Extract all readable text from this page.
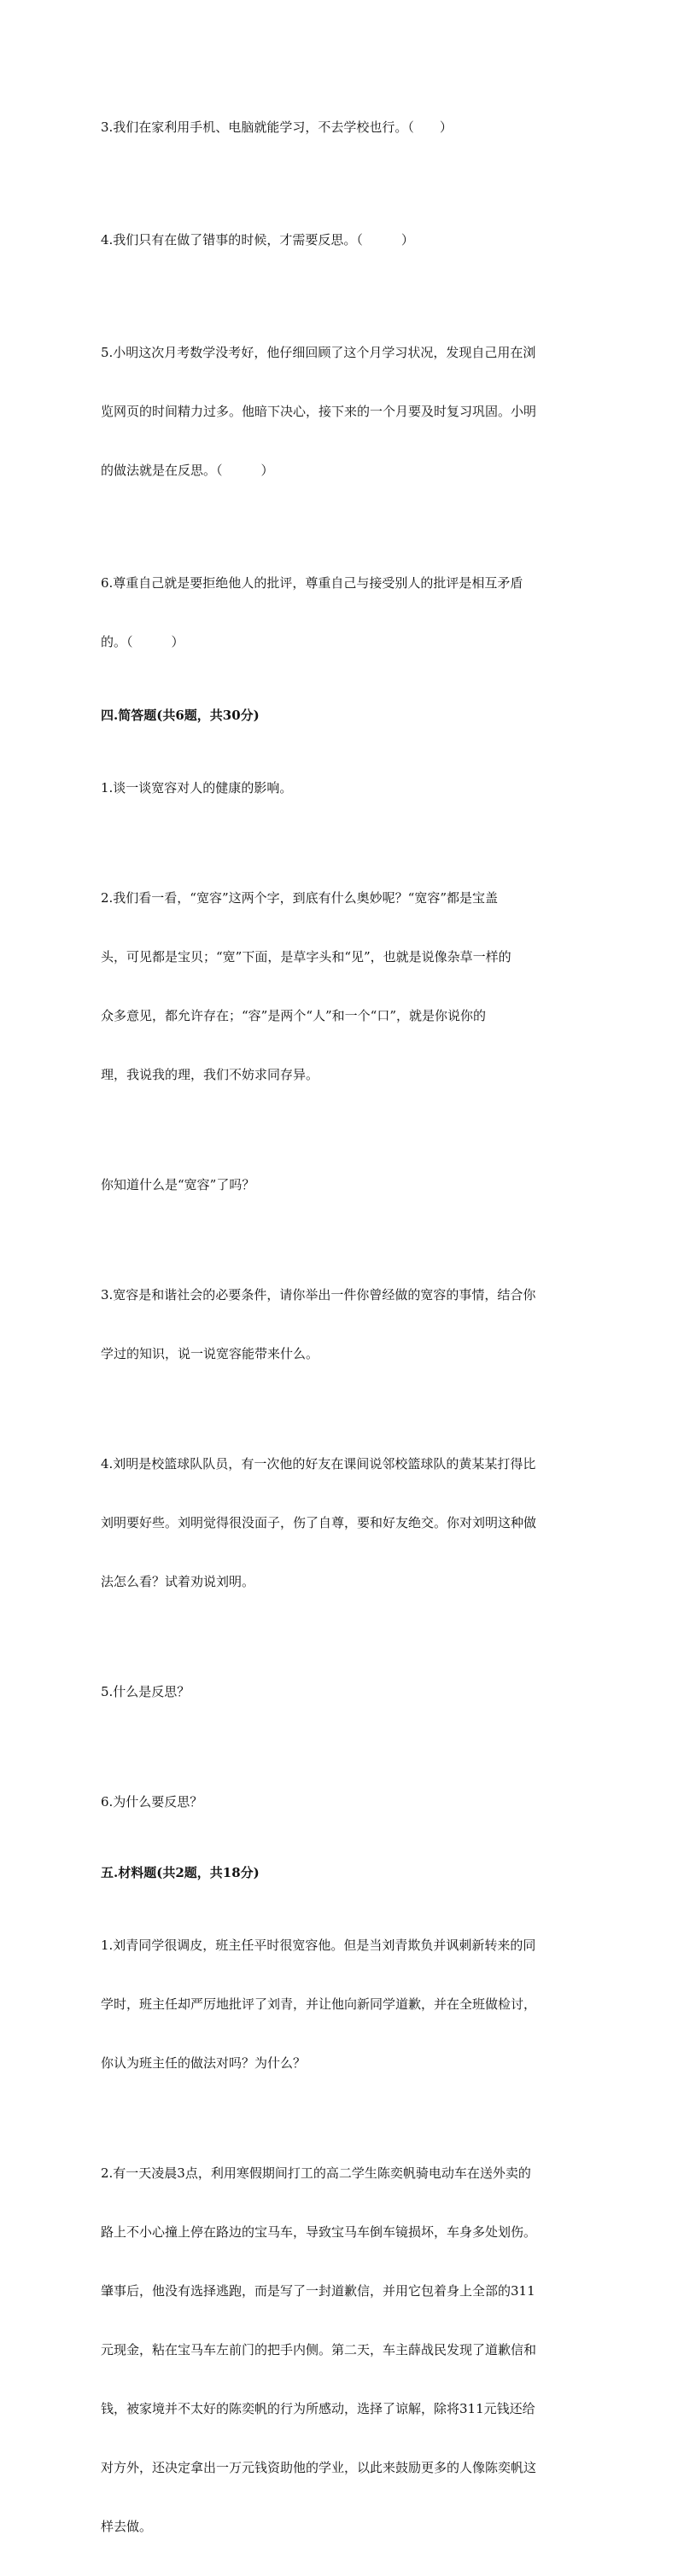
3.我们在家利用手机、电脑就能学习，不去学校也行。（　　）

4.我们只有在做了错事的时候，才需要反思。（　　　）

5.小明这次月考数学没考好，他仔细回顾了这个月学习状况，发现自己用在浏

览网页的时间精力过多。他暗下决心，接下来的一个月要及时复习巩固。小明

的做法就是在反思。（　　　）

6.尊重自己就是要拒绝他人的批评，尊重自己与接受别人的批评是相互矛盾

的。（　　　）

四.简答题(共6题，共30分)

1.谈一谈宽容对人的健康的影响。

2.我们看一看，“宽容”这两个字，到底有什么奥妙呢？“宽容”都是宝盖

头，可见都是宝贝；“宽”下面，是草字头和“见”，也就是说像杂草一样的

众多意见，都允许存在；“容”是两个“人”和一个“口”，就是你说你的

理，我说我的理，我们不妨求同存异。

你知道什么是“宽容”了吗？

3.宽容是和谐社会的必要条件，请你举出一件你曾经做的宽容的事情，结合你

学过的知识，说一说宽容能带来什么。

4.刘明是校篮球队队员，有一次他的好友在课间说邻校篮球队的黄某某打得比

刘明要好些。刘明觉得很没面子，伤了自尊，要和好友绝交。你对刘明这种做

法怎么看？试着劝说刘明。

5.什么是反思？

6.为什么要反思？

五.材料题(共2题，共18分)

1.刘青同学很调皮，班主任平时很宽容他。但是当刘青欺负并讽刺新转来的同

学时，班主任却严厉地批评了刘青，并让他向新同学道歉，并在全班做检讨，

你认为班主任的做法对吗？为什么？

2.有一天凌晨3点，利用寒假期间打工的高二学生陈奕帆骑电动车在送外卖的

路上不小心撞上停在路边的宝马车，导致宝马车倒车镜损坏，车身多处划伤。

肇事后，他没有选择逃跑，而是写了一封道歉信，并用它包着身上全部的311

元现金，粘在宝马车左前门的把手内侧。第二天，车主薛战民发现了道歉信和

钱，被家境并不太好的陈奕帆的行为所感动，选择了谅解，除将311元钱还给

对方外，还决定拿出一万元钱资助他的学业，以此来鼓励更多的人像陈奕帆这

样去做。
